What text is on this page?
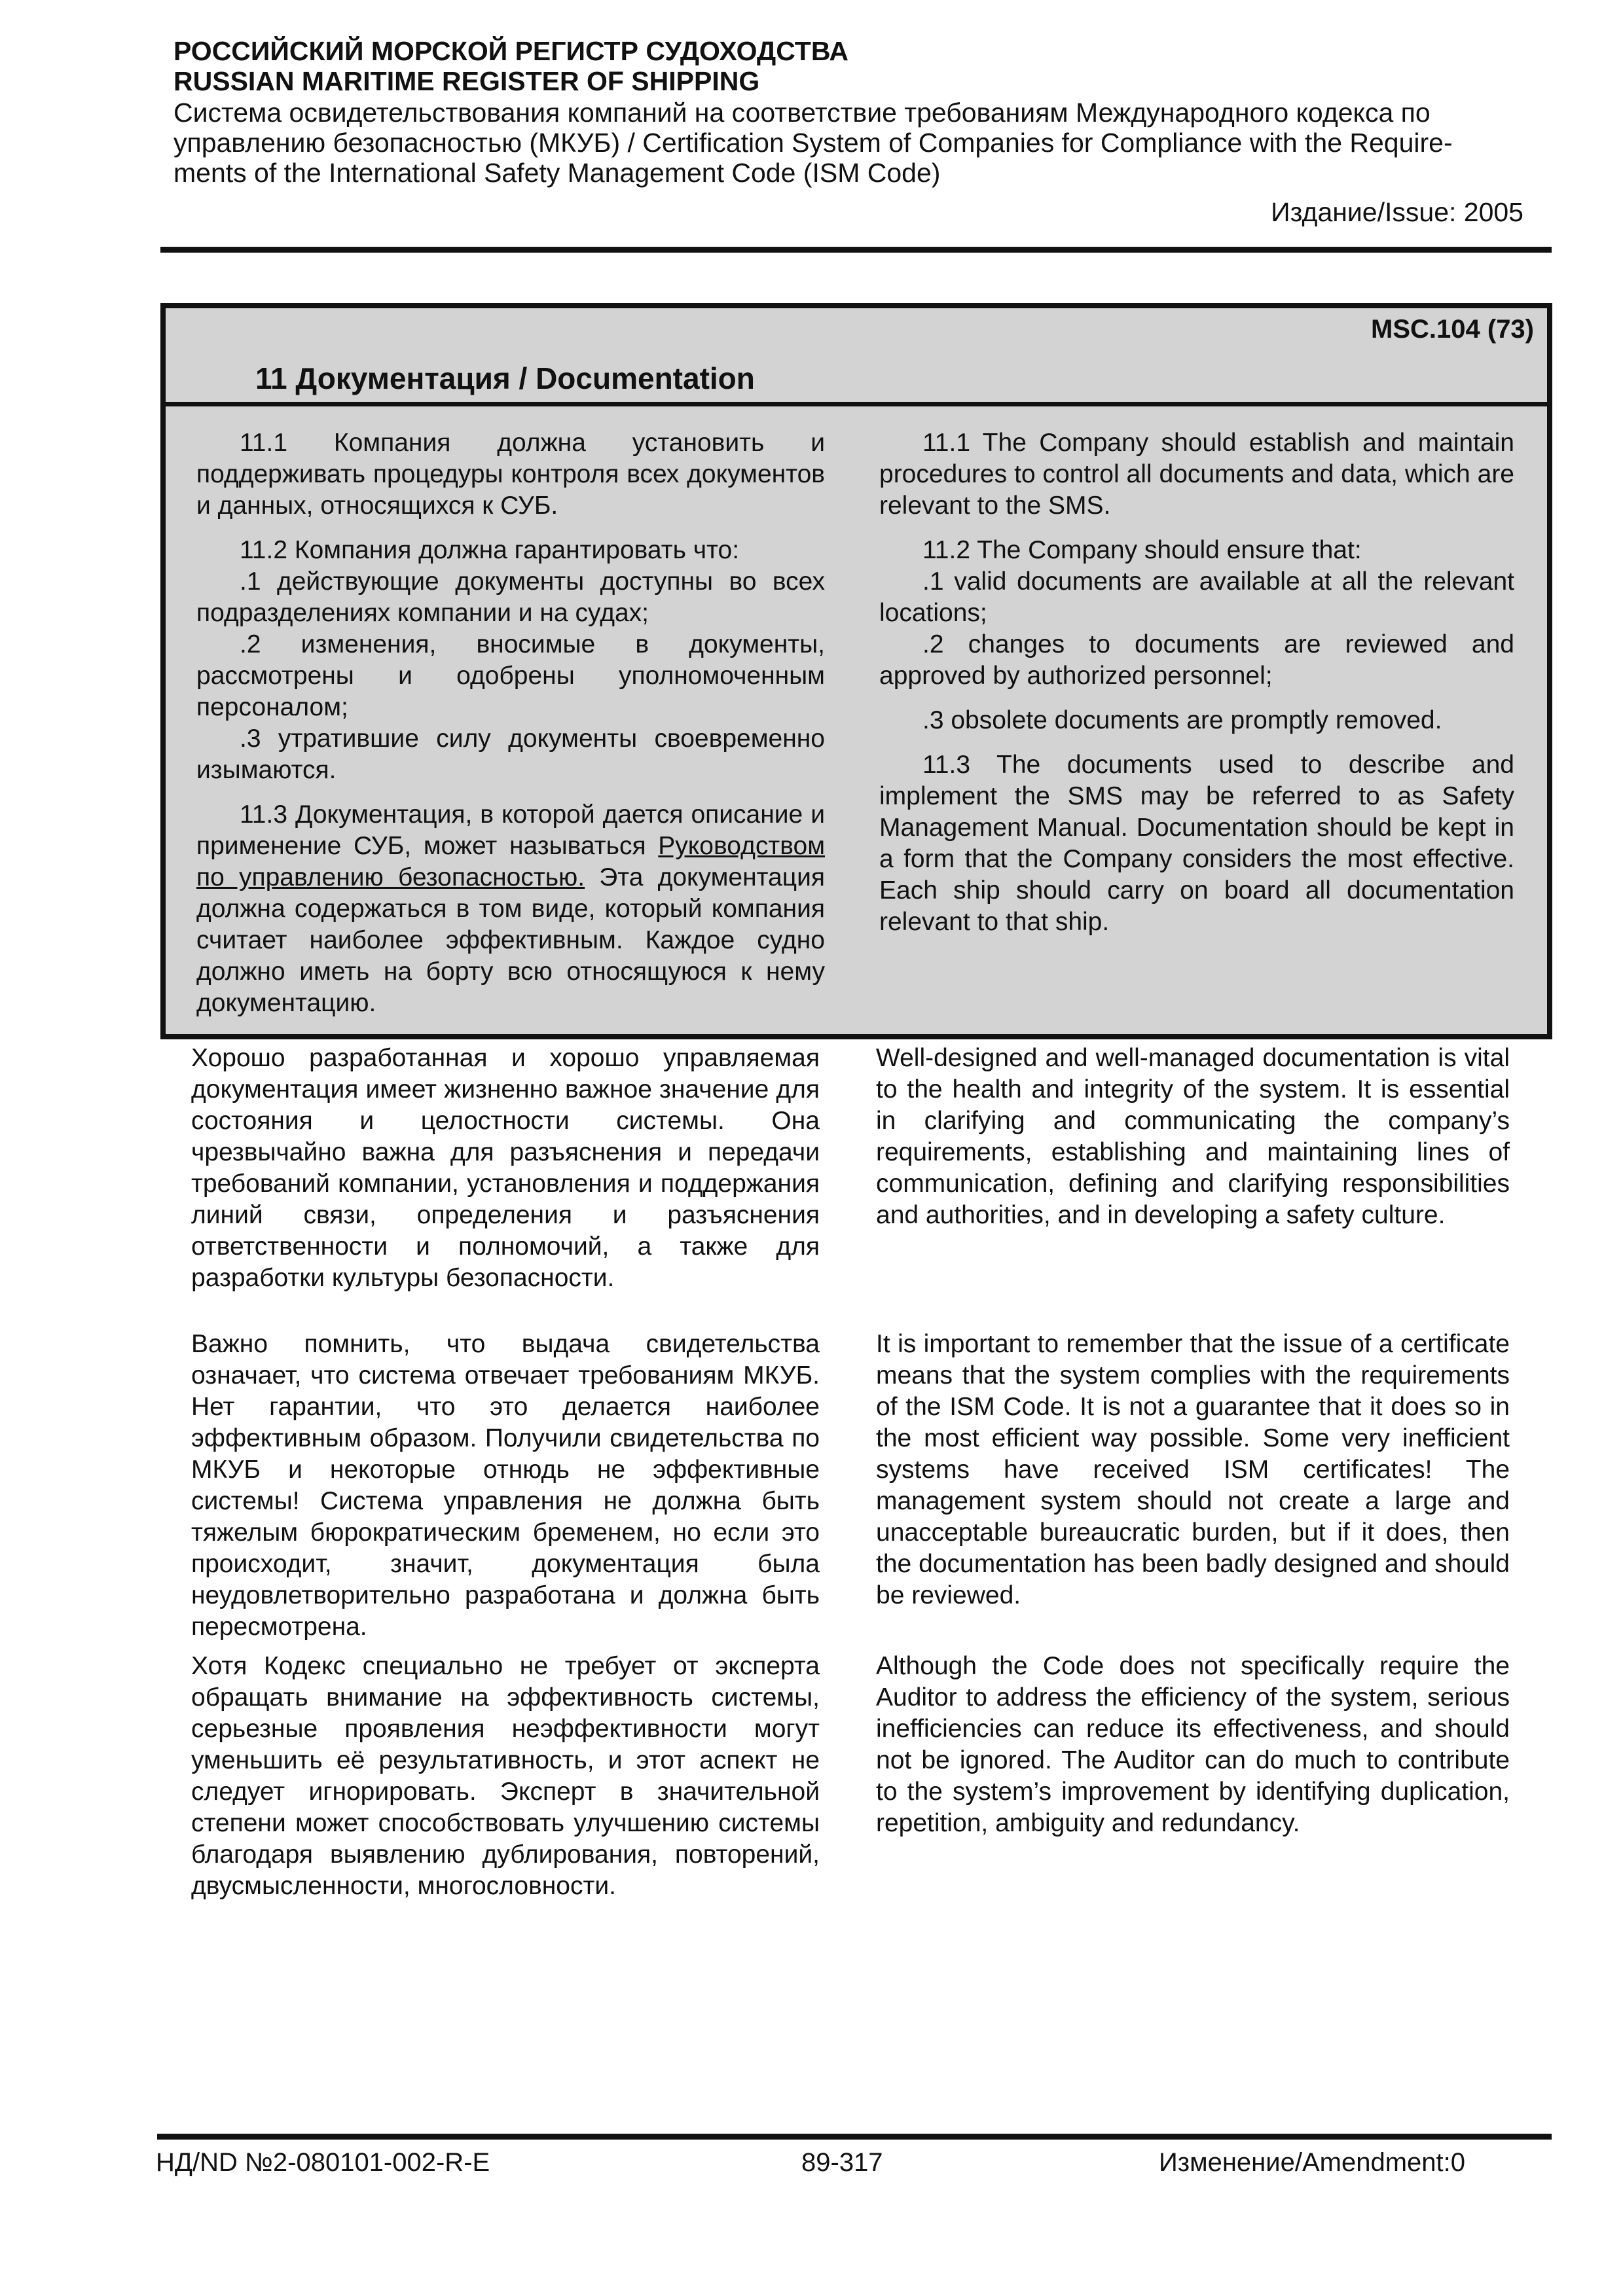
РОССИЙСКИЙ МОРСКОЙ РЕГИСТР СУДОХОДСТВА
RUSSIAN MARITIME REGISTER OF SHIPPING
Система освидетельствования компаний на соответствие требованиям Международного кодекса по
управлению безопасностью (МКУБ) / Certification System of Companies for Compliance with the Require-
ments of the International Safety Management Code (ISM Code)
Издание/Issue: 2005
MSC.104 (73)
11 Документация / Documentation

11.1 Компания должна установить и поддерживать процедуры контроля всех документов и данных, относящихся к СУБ.

11.2 Компания должна гарантировать что:

.1 действующие документы доступны во всех подразделениях компании и на судах;

.2 изменения, вносимые в документы, рассмотрены и одобрены уполномоченным персоналом;

.3 утратившие силу документы своевременно изымаются.

11.3 Документация, в которой дается описание и применение СУБ, может называться Руководством по управлению безопасностью. Эта документация должна содержаться в том виде, который компания считает наиболее эффективным. Каждое судно должно иметь на борту всю относящуюся к нему документацию.

11.1 The Company should establish and maintain procedures to control all documents and data, which are relevant to the SMS.

11.2 The Company should ensure that:

.1 valid documents are available at all the relevant locations;

.2 changes to documents are reviewed and approved by authorized personnel;

.3 obsolete documents are promptly removed.

11.3 The documents used to describe and implement the SMS may be referred to as Safety Management Manual. Documentation should be kept in a form that the Company considers the most effective. Each ship should carry on board all documentation relevant to that ship.

Хорошо разработанная и хорошо управляемая документация имеет жизненно важное значение для состояния и целостности системы. Она чрезвычайно важна для разъяснения и передачи требований компании, установления и поддержания линий связи, определения и разъяснения ответственности и полномочий, а также для разработки культуры безопасности.
Важно помнить, что выдача свидетельства означает, что система отвечает требованиям МКУБ. Нет гарантии, что это делается наиболее эффективным образом. Получили свидетельства по МКУБ и некоторые отнюдь не эффективные системы! Система управления не должна быть тяжелым бюрократическим бременем, но если это происходит, значит, документация была неудовлетворительно разработана и должна быть пересмотрена.
Хотя Кодекс специально не требует от эксперта обращать внимание на эффективность системы, серьезные проявления неэффективности могут уменьшить её результативность, и этот аспект не следует игнорировать. Эксперт в значительной степени может способствовать улучшению системы благодаря выявлению дублирования, повторений, двусмысленности, многословности.
Well-designed and well-managed documentation is vital to the health and integrity of the system. It is essential in clarifying and communicating the company’s requirements, establishing and maintaining lines of communication, defining and clarifying responsibilities and authorities, and in developing a safety culture.
It is important to remember that the issue of a certificate means that the system complies with the requirements of the ISM Code. It is not a guarantee that it does so in the most efficient way possible. Some very inefficient systems have received ISM certificates! The management system should not create a large and unacceptable bureaucratic burden, but if it does, then the documentation has been badly designed and should be reviewed.
Although the Code does not specifically require the Auditor to address the efficiency of the system, serious inefficiencies can reduce its effectiveness, and should not be ignored. The Auditor can do much to contribute to the system’s improvement by identifying duplication, repetition, ambiguity and redundancy.
НД/ND №2-080101-002-R-E	89-317	Изменение/Amendment:0
